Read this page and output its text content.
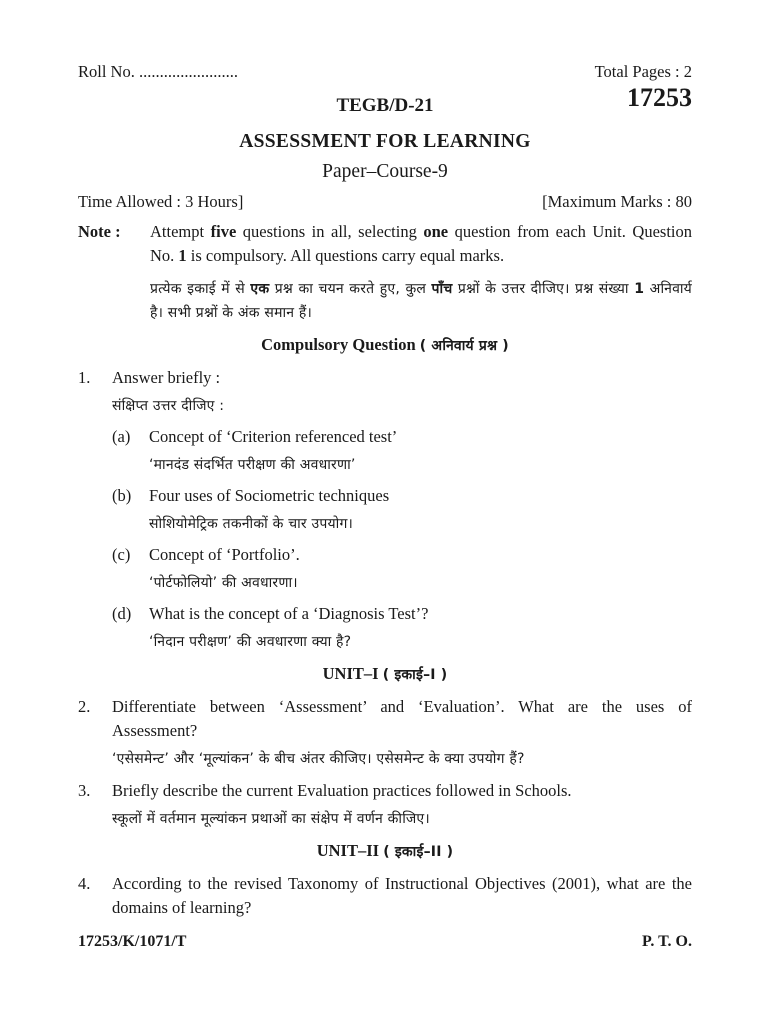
Roll No. ........................	Total Pages : 2
TEGB/D-21	17253
ASSESSMENT FOR LEARNING
Paper–Course-9
Time Allowed : 3 Hours]	[Maximum Marks : 80
Note :	Attempt five questions in all, selecting one question from each Unit. Question No. 1 is compulsory. All questions carry equal marks.
प्रत्येक इकाई में से एक प्रश्न का चयन करते हुए, कुल पाँच प्रश्नों के उत्तर दीजिए। प्रश्न संख्या 1 अनिवार्य है। सभी प्रश्नों के अंक समान हैं।
Compulsory Question ( अनिवार्य प्रश्न )
1.	Answer briefly :
संक्षिप्त उत्तर दीजिए :
(a)	Concept of ‘Criterion referenced test’
‘मानदंड संदर्भित परीक्षण की अवधारणा’
(b)	Four uses of Sociometric techniques
सोशियोमेट्रिक तकनीकों के चार उपयोग।
(c)	Concept of ‘Portfolio’.
‘पोर्टफोलियो’ की अवधारणा।
(d)	What is the concept of a ‘Diagnosis Test’?
‘निदान परीक्षण’ की अवधारणा क्या है?
UNIT–I ( इकाई–I )
2.	Differentiate between ‘Assessment’ and ‘Evaluation’. What are the uses of Assessment?
‘एसेसमेन्ट’ और ‘मूल्यांकन’ के बीच अंतर कीजिए। एसेसमेन्ट के क्या उपयोग हैं?
3.	Briefly describe the current Evaluation practices followed in Schools.
स्कूलों में वर्तमान मूल्यांकन प्रथाओं का संक्षेप में वर्णन कीजिए।
UNIT–II ( इकाई–II )
4.	According to the revised Taxonomy of Instructional Objectives (2001), what are the domains of learning?
17253/K/1071/T	P. T. O.
